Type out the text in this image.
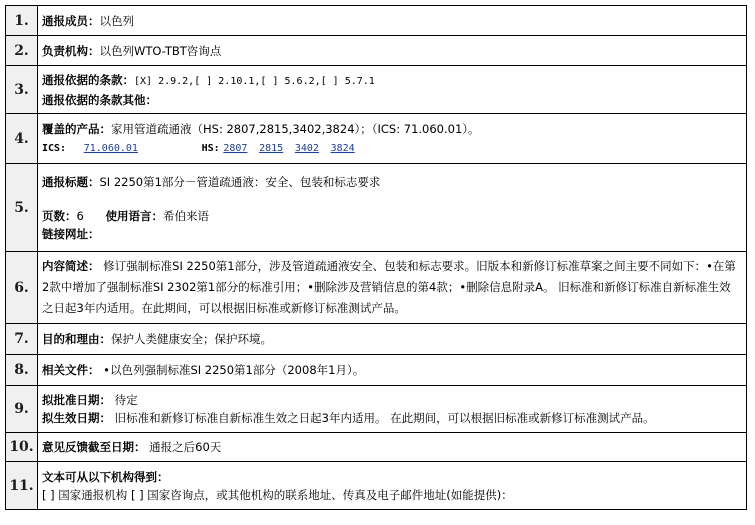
1.	通报成员：以色列
2.	负责机构：以色列WTO-TBT咨询点
3.	通报依据的条款：[X] 2.9.2,[ ] 2.10.1,[ ] 5.6.2,[ ] 5.7.1
通报依据的条款其他：

4.	覆盖的产品：家用管道疏通液（HS: 2807,2815,3402,3824）；（ICS: 71.060.01）。
ICS: 71.060.01 HS: 2807 2815 3402 3824

5.	通报标题：SI 2250第1部分－管道疏通液：安全、包装和标志要求
页数：6 使用语言：希伯来语
链接网址：

6.	内容简述： 修订强制标准SI 2250第1部分，涉及管道疏通液安全、包装和标志要求。旧版本和新修订标准草案之间主要不同如下：•在第2款中增加了强制标准SI 2302第1部分的标准引用；•删除涉及营销信息的第4款；•删除信息附录A。 旧标准和新修订标准自新标准生效之日起3年内适用。在此期间，可以根据旧标准或新修订标准测试产品。
7.	目的和理由：保护人类健康安全；保护环境。
8.	相关文件： •以色列强制标准SI 2250第1部分（2008年1月）。
9.	拟批准日期： 待定
拟生效日期： 旧标准和新修订标准自新标准生效之日起3年内适用。 在此期间，可以根据旧标准或新修订标准测试产品。

10.	意见反馈截至日期： 通报之后60天
11.	文本可从以下机构得到：
[ ] 国家通报机构 [ ] 国家咨询点，或其他机构的联系地址、传真及电子邮件地址(如能提供)：
